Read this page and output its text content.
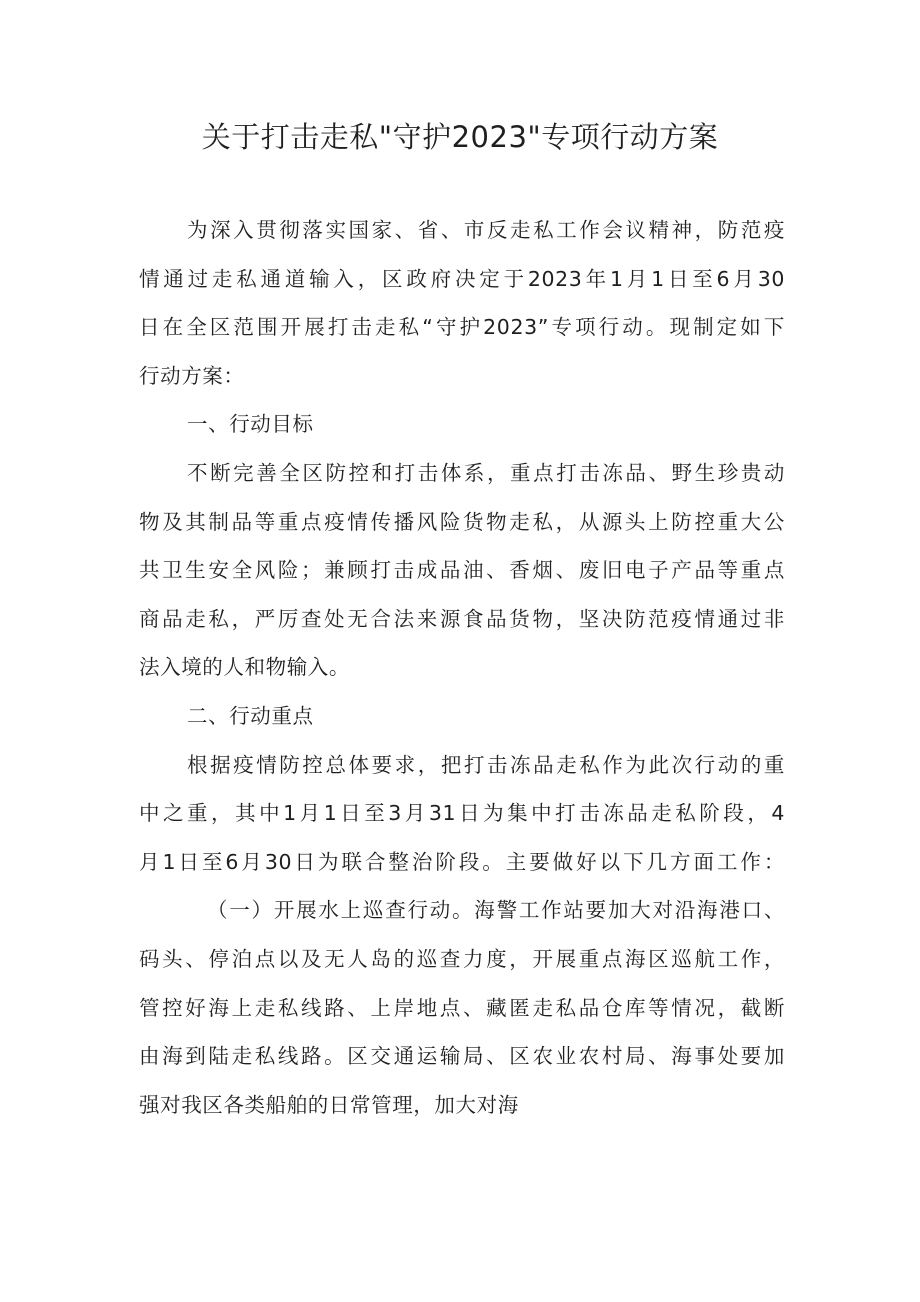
关于打击走私"守护2023"专项行动方案
为深入贯彻落实国家、省、市反走私工作会议精神，防范疫
情通过走私通道输入，区政府决定于2023年1月1日至6月30
日在全区范围开展打击走私“守护2023”专项行动。现制定如下
行动方案：
一、行动目标
不断完善全区防控和打击体系，重点打击冻品、野生珍贵动
物及其制品等重点疫情传播风险货物走私，从源头上防控重大公
共卫生安全风险；兼顾打击成品油、香烟、废旧电子产品等重点
商品走私，严厉查处无合法来源食品货物，坚决防范疫情通过非
法入境的人和物输入。
二、行动重点
根据疫情防控总体要求，把打击冻品走私作为此次行动的重
中之重，其中1月1日至3月31日为集中打击冻品走私阶段，4
月1日至6月30日为联合整治阶段。主要做好以下几方面工作：
（一）开展水上巡查行动。海警工作站要加大对沿海港口、
码头、停泊点以及无人岛的巡查力度，开展重点海区巡航工作，
管控好海上走私线路、上岸地点、藏匿走私品仓库等情况，截断
由海到陆走私线路。区交通运输局、区农业农村局、海事处要加
强对我区各类船舶的日常管理，加大对海
